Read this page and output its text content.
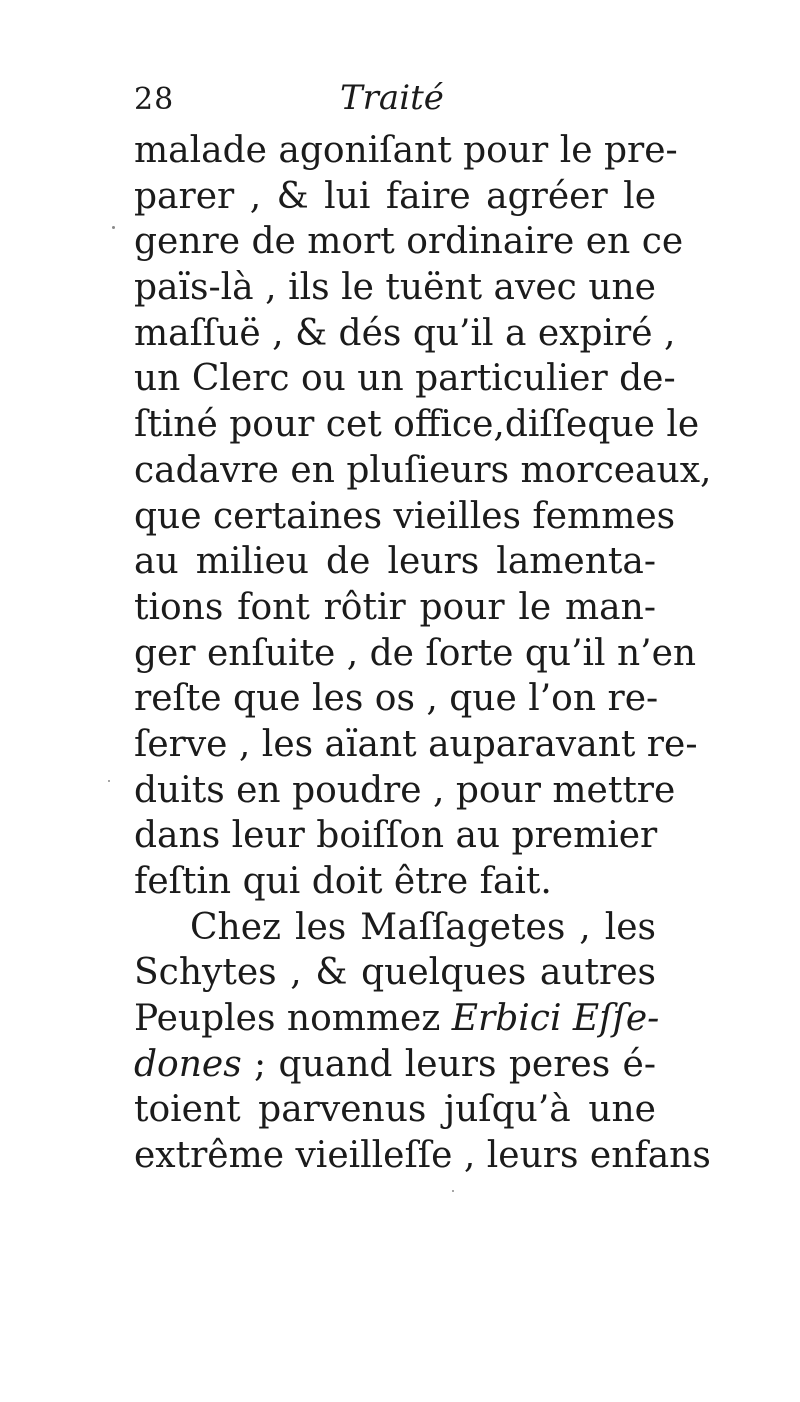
28	Traité
malade agoniſant pour le pre-
parer , & lui faire agréer le
genre de mort ordinaire en ce
païs-là , ils le tuënt avec une
maſſuë , & dés qu’il a expiré ,
un Clerc ou un particulier de-
ſtiné pour cet office,diſſeque le
cadavre en pluſieurs morceaux,
que certaines vieilles femmes
au milieu de leurs lamenta-
tions font rôtir pour le man-
ger enſuite , de ſorte qu’il n’en
reſte que les os , que l’on re-
ſerve , les aïant auparavant re-
duits en poudre , pour mettre
dans leur boiſſon au premier
feſtin qui doit être fait.
Chez les Maſſagetes , les
Schytes , & quelques autres
Peuples nommez Erbici Eſſe-
dones ; quand leurs peres é-
toient parvenus juſqu’à une
extrême vieilleſſe , leurs enfans
